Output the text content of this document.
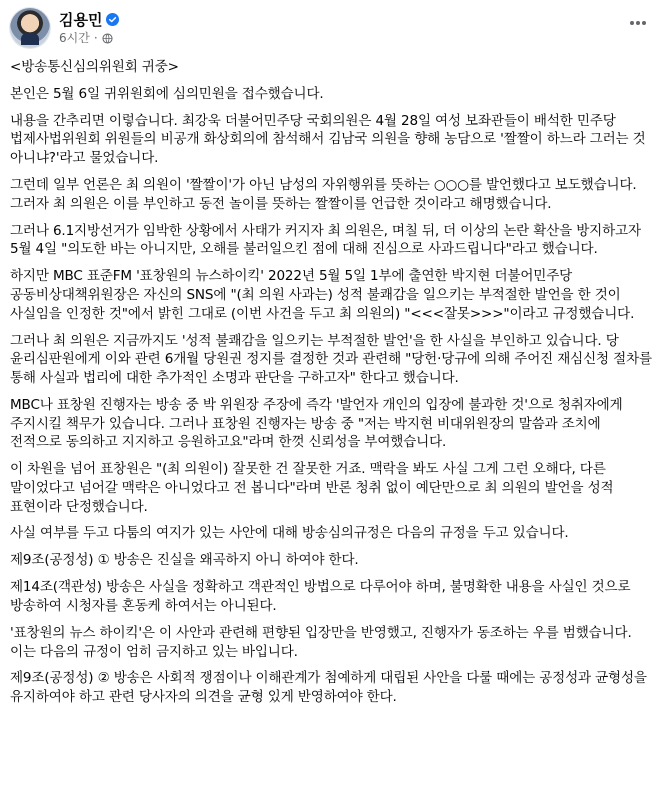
김용민
6시간 ·

<방송통신심의위원회 귀중>

본인은 5월 6일 귀위원회에 심의민원을 접수했습니다.

내용을 간추리면 이렇습니다. 최강욱 더불어민주당 국회의원은 4월 28일 여성 보좌관들이 배석한 민주당 법제사법위원회 위원들의 비공개 화상회의에 참석해서 김남국 의원을 향해 농담으로 '짤짤이 하느라 그러는 것 아니냐?'라고 물었습니다.

그런데 일부 언론은 최 의원이 '짤짤이'가 아닌 남성의 자위행위를 뜻하는 ○○○를 발언했다고 보도했습니다. 그러자 최 의원은 이를 부인하고 동전 놀이를 뜻하는 짤짤이를 언급한 것이라고 해명했습니다.

그러나 6.1지방선거가 임박한 상황에서 사태가 커지자 최 의원은, 며칠 뒤, 더 이상의 논란 확산을 방지하고자 5월 4일 "의도한 바는 아니지만, 오해를 불러일으킨 점에 대해 진심으로 사과드립니다"라고 했습니다.

하지만 MBC 표준FM '표창원의 뉴스하이킥' 2022년 5월 5일 1부에 출연한 박지현 더불어민주당 공동비상대책위원장은 자신의 SNS에 "(최 의원 사과는) 성적 불쾌감을 일으키는 부적절한 발언을 한 것이 사실임을 인정한 것"에서 밝힌 그대로 (이번 사건을 두고 최 의원의) "<<<잘못>>>"이라고 규정했습니다.

그러나 최 의원은 지금까지도 '성적 불쾌감을 일으키는 부적절한 발언'을 한 사실을 부인하고 있습니다. 당 윤리심판원에게 이와 관련 6개월 당원권 정지를 결정한 것과 관련해 "당헌·당규에 의해 주어진 재심신청 절차를 통해 사실과 법리에 대한 추가적인 소명과 판단을 구하고자" 한다고 했습니다.

MBC나 표창원 진행자는 방송 중 박 위원장 주장에 즉각 '발언자 개인의 입장에 불과한 것'으로 청취자에게 주지시킬 책무가 있습니다. 그러나 표창원 진행자는 방송 중 "저는 박지현 비대위원장의 말씀과 조치에 전적으로 동의하고 지지하고 응원하고요"라며 한껏 신뢰성을 부여했습니다.

이 차원을 넘어 표창원은 "(최 의원이) 잘못한 건 잘못한 거죠. 맥락을 봐도 사실 그게 그런 오해다, 다른 말이었다고 넘어갈 맥락은 아니었다고 전 봅니다"라며 반론 청취 없이 예단만으로 최 의원의 발언을 성적 표현이라 단정했습니다.

사실 여부를 두고 다툼의 여지가 있는 사안에 대해 방송심의규정은 다음의 규정을 두고 있습니다.

제9조(공정성) ① 방송은 진실을 왜곡하지 아니 하여야 한다.

제14조(객관성) 방송은 사실을 정확하고 객관적인 방법으로 다루어야 하며, 불명확한 내용을 사실인 것으로 방송하여 시청자를 혼동케 하여서는 아니된다.

'표창원의 뉴스 하이킥'은 이 사안과 관련해 편향된 입장만을 반영했고, 진행자가 동조하는 우를 범했습니다. 이는 다음의 규정이 엄히 금지하고 있는 바입니다.

제9조(공정성) ② 방송은 사회적 쟁점이나 이해관계가 첨예하게 대립된 사안을 다룰 때에는 공정성과 균형성을 유지하여야 하고 관련 당사자의 의견을 균형 있게 반영하여야 한다.
